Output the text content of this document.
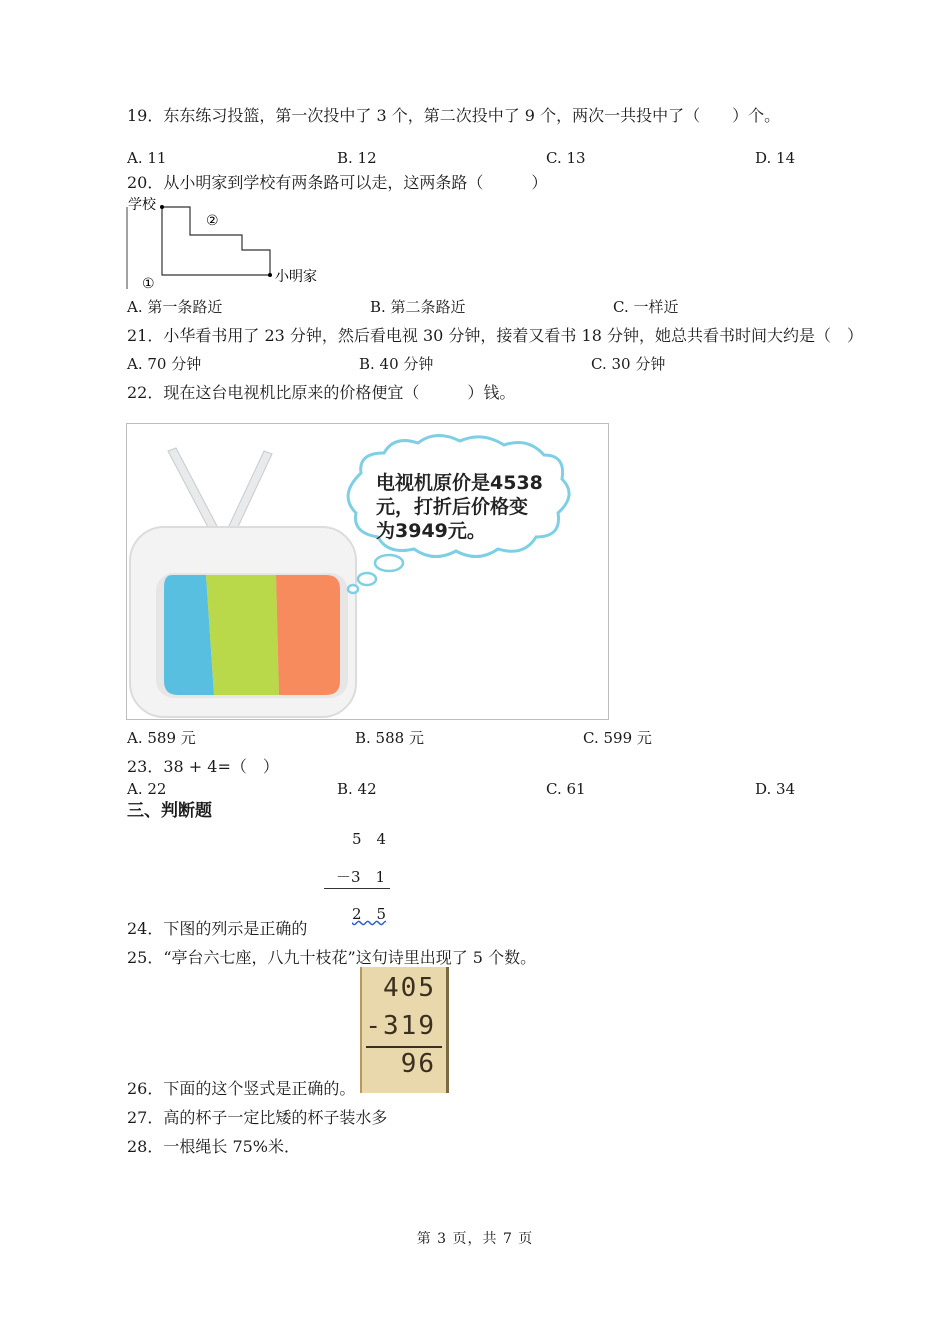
19．东东练习投篮，第一次投中了 3 个，第二次投中了 9 个，两次一共投中了（　　）个。
A. 11	B. 12	C. 13	D. 14
20．从小明家到学校有两条路可以走，这两条路（　　　）
学校
小明家
②
①
A. 第一条路近	B. 第二条路近	C. 一样近
21．小华看书用了 23 分钟，然后看电视 30 分钟，接着又看书 18 分钟，她总共看书时间大约是（　）
A. 70 分钟	B. 40 分钟	C. 30 分钟
22．现在这台电视机比原来的价格便宜（　　　）钱。
电视机原价是4538
元，打折后价格变
为3949元。
A. 589 元	B. 588 元	C. 599 元
23．38 + 4=（　）
A. 22	B. 42	C. 61	D. 34
三、判断题
5　4
－3　1
2　5
24．下图的列示是正确的
25．“亭台六七座，八九十枝花”这句诗里出现了 5 个数。
405
-319
96
26．下面的这个竖式是正确的。
27．高的杯子一定比矮的杯子装水多
28．一根绳长 75%米．
第 3 页，共 7 页
